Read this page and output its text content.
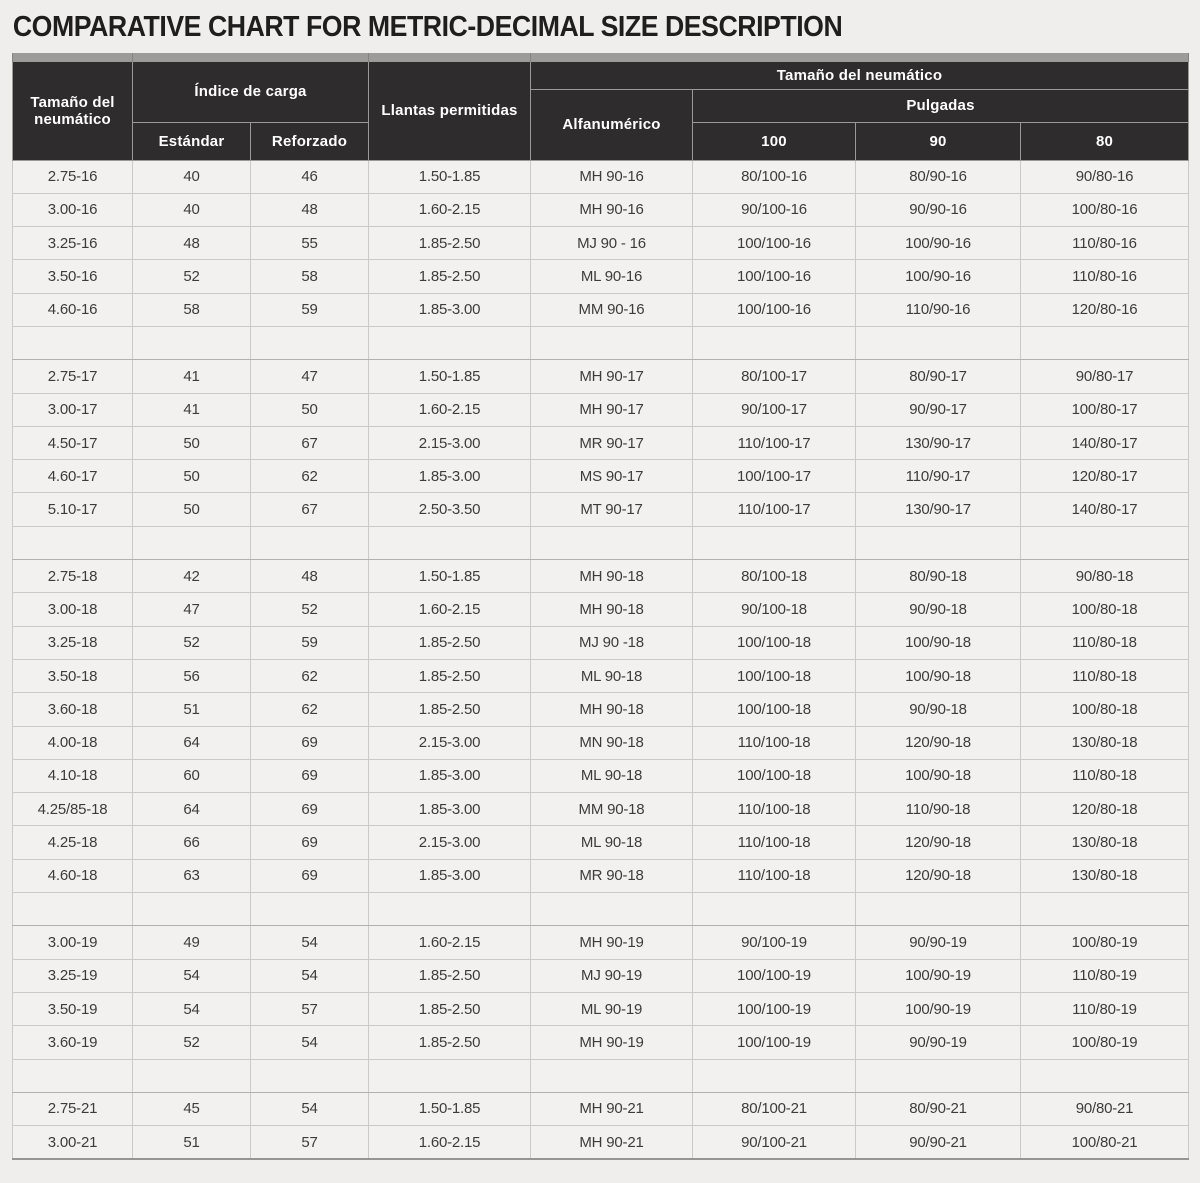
COMPARATIVE CHART FOR METRIC-DECIMAL SIZE DESCRIPTION

Tamaño del neumático	Índice de carga		Llantas permitidas	Tamaño del neumático			
				Alfanumérico	Pulgadas		
	Estándar	Reforzado			100	90	80
2.75-16	40	46	1.50-1.85	MH 90-16	80/100-16	80/90-16	90/80-16
3.00-16	40	48	1.60-2.15	MH 90-16	90/100-16	90/90-16	100/80-16
3.25-16	48	55	1.85-2.50	MJ 90 - 16	100/100-16	100/90-16	110/80-16
3.50-16	52	58	1.85-2.50	ML 90-16	100/100-16	100/90-16	110/80-16
4.60-16	58	59	1.85-3.00	MM 90-16	100/100-16	110/90-16	120/80-16

2.75-17	41	47	1.50-1.85	MH 90-17	80/100-17	80/90-17	90/80-17
3.00-17	41	50	1.60-2.15	MH 90-17	90/100-17	90/90-17	100/80-17
4.50-17	50	67	2.15-3.00	MR 90-17	110/100-17	130/90-17	140/80-17
4.60-17	50	62	1.85-3.00	MS 90-17	100/100-17	110/90-17	120/80-17
5.10-17	50	67	2.50-3.50	MT 90-17	110/100-17	130/90-17	140/80-17

2.75-18	42	48	1.50-1.85	MH 90-18	80/100-18	80/90-18	90/80-18
3.00-18	47	52	1.60-2.15	MH 90-18	90/100-18	90/90-18	100/80-18
3.25-18	52	59	1.85-2.50	MJ 90 -18	100/100-18	100/90-18	110/80-18
3.50-18	56	62	1.85-2.50	ML 90-18	100/100-18	100/90-18	110/80-18
3.60-18	51	62	1.85-2.50	MH 90-18	100/100-18	90/90-18	100/80-18
4.00-18	64	69	2.15-3.00	MN 90-18	110/100-18	120/90-18	130/80-18
4.10-18	60	69	1.85-3.00	ML 90-18	100/100-18	100/90-18	110/80-18
4.25/85-18	64	69	1.85-3.00	MM 90-18	110/100-18	110/90-18	120/80-18
4.25-18	66	69	2.15-3.00	ML 90-18	110/100-18	120/90-18	130/80-18
4.60-18	63	69	1.85-3.00	MR 90-18	110/100-18	120/90-18	130/80-18

3.00-19	49	54	1.60-2.15	MH 90-19	90/100-19	90/90-19	100/80-19
3.25-19	54	54	1.85-2.50	MJ 90-19	100/100-19	100/90-19	110/80-19
3.50-19	54	57	1.85-2.50	ML 90-19	100/100-19	100/90-19	110/80-19
3.60-19	52	54	1.85-2.50	MH 90-19	100/100-19	90/90-19	100/80-19

2.75-21	45	54	1.50-1.85	MH 90-21	80/100-21	80/90-21	90/80-21
3.00-21	51	57	1.60-2.15	MH 90-21	90/100-21	90/90-21	100/80-21
